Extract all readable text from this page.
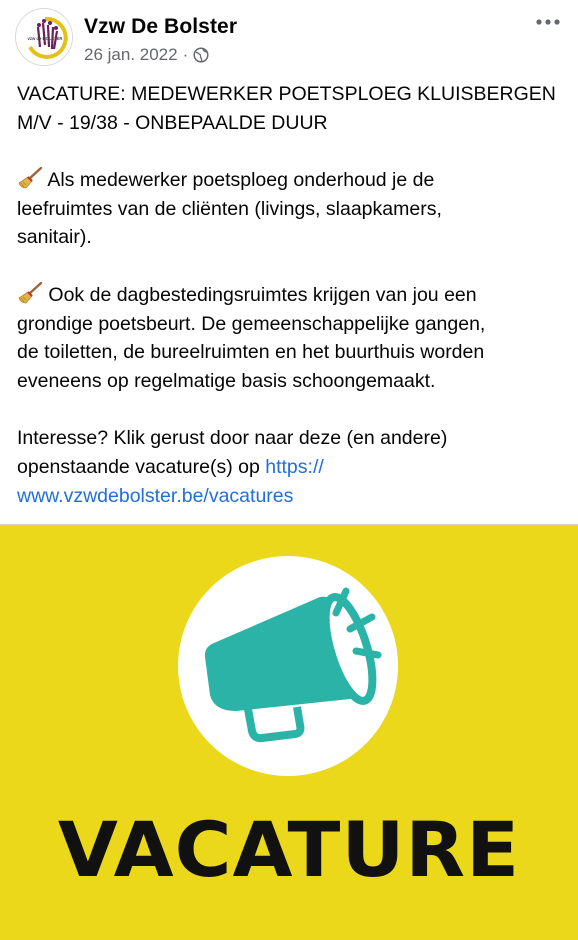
vzw de BOLSTER
Vzw De Bolster
26 jan. 2022 ·

VACATURE: MEDEWERKER POETSPLOEG KLUISBERGEN

M/V - 19/38 - ONBEPAALDE DUUR

Als medewerker poetsploeg onderhoud je de

leefruimtes van de cliënten (livings, slaapkamers,

sanitair).

Ook de dagbestedingsruimtes krijgen van jou een

grondige poetsbeurt. De gemeenschappelijke gangen,

de toiletten, de bureelruimten en het buurthuis worden

eveneens op regelmatige basis schoongemaakt.

Interesse? Klik gerust door naar deze (en andere)

openstaande vacature(s) op https://

www.vzwdebolster.be/vacatures

VACATURE
